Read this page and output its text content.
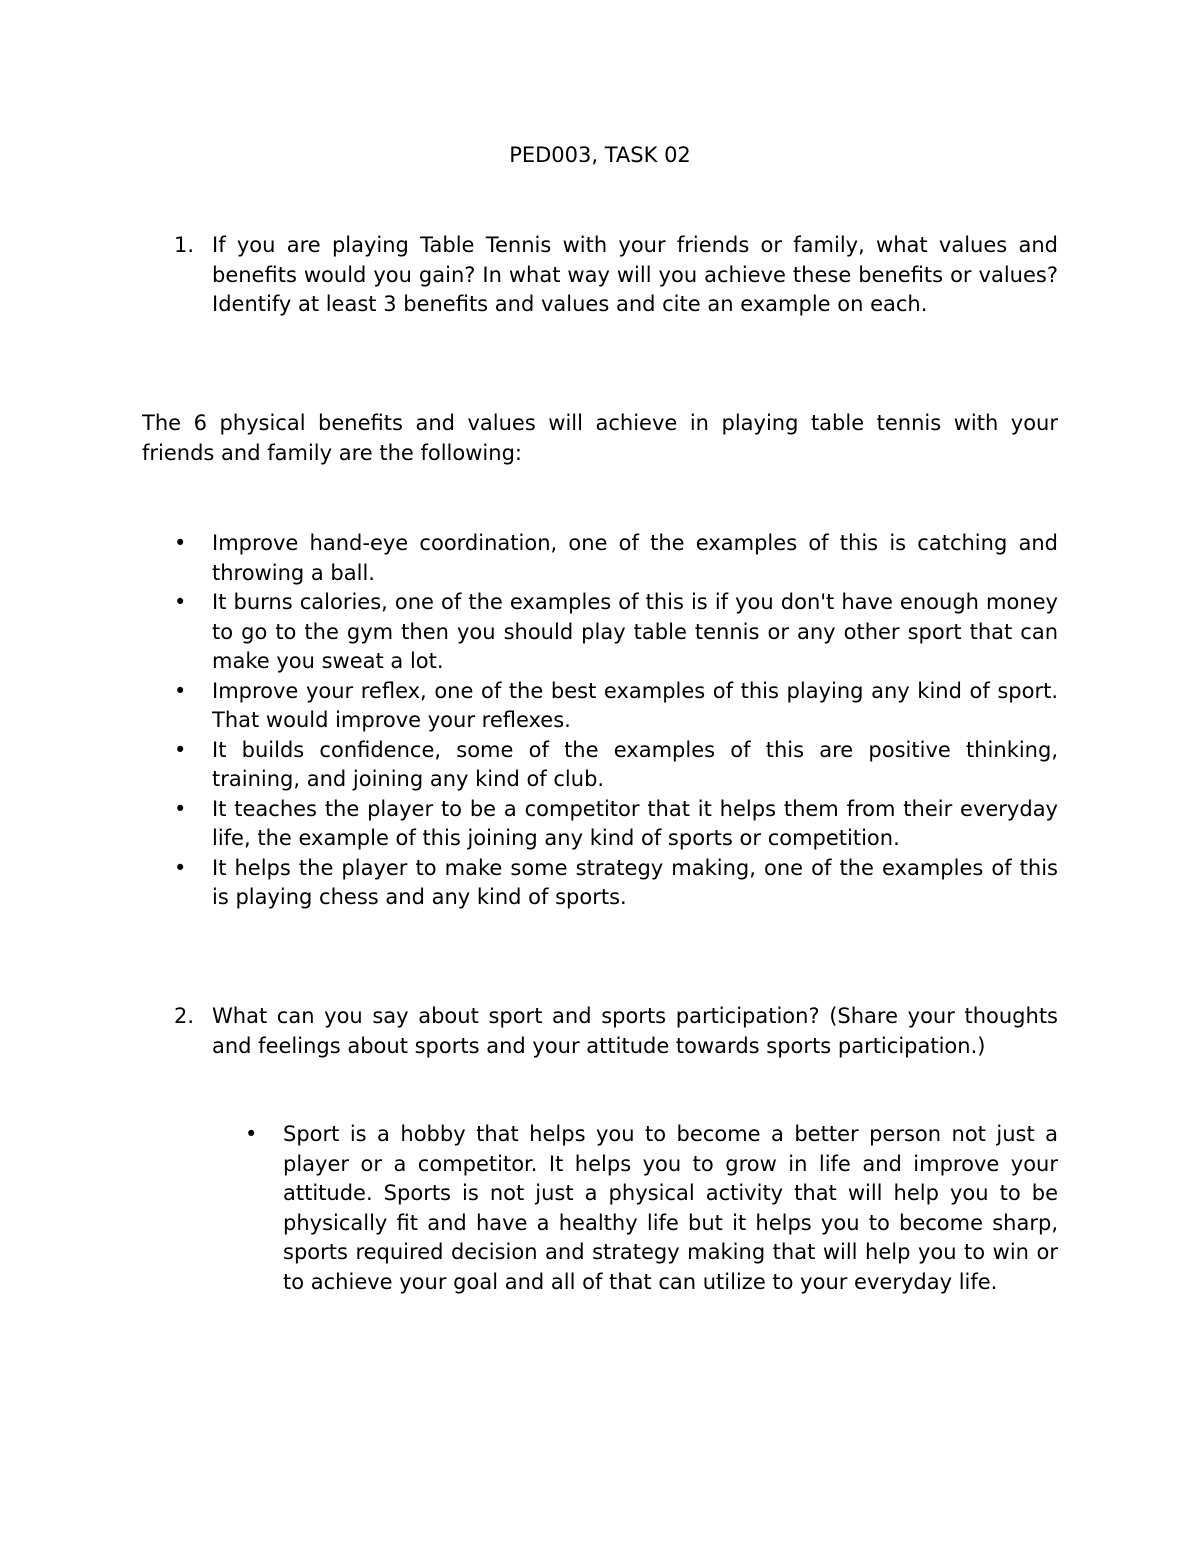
PED003, TASK 02
1. If you are playing Table Tennis with your friends or family, what values and benefits would you gain? In what way will you achieve these benefits or values? Identify at least 3 benefits and values and cite an example on each.

The 6 physical benefits and values will achieve in playing table tennis with your friends and family are the following:

• Improve hand-eye coordination, one of the examples of this is catching and throwing a ball.
• It burns calories, one of the examples of this is if you don't have enough money to go to the gym then you should play table tennis or any other sport that can make you sweat a lot.
• Improve your reflex, one of the best examples of this playing any kind of sport. That would improve your reflexes.
• It builds confidence, some of the examples of this are positive thinking, training, and joining any kind of club.
• It teaches the player to be a competitor that it helps them from their everyday life, the example of this joining any kind of sports or competition.
• It helps the player to make some strategy making, one of the examples of this is playing chess and any kind of sports.
2. What can you say about sport and sports participation? (Share your thoughts and feelings about sports and your attitude towards sports participation.)

• Sport is a hobby that helps you to become a better person not just a player or a competitor. It helps you to grow in life and improve your attitude. Sports is not just a physical activity that will help you to be physically fit and have a healthy life but it helps you to become sharp, sports required decision and strategy making that will help you to win or to achieve your goal and all of that can utilize to your everyday life.
